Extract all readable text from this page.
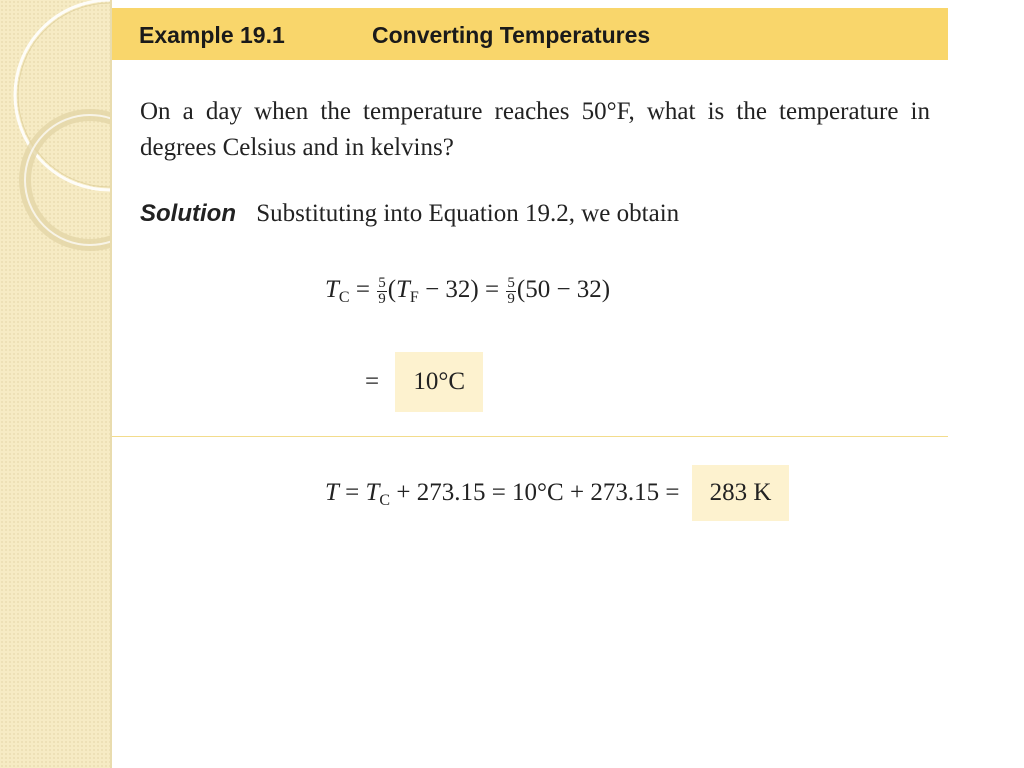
Example 19.1	Converting Temperatures
On a day when the temperature reaches 50°F, what is the temperature in degrees Celsius and in kelvins?
Solution Substituting into Equation 19.2, we obtain
$T_C = \frac{5}{9} (T_F - 32) = \frac{5}{9} (50 - 32)$
= 10°C
$T = T_C + 273.15 = 10^\circ C + 273.15 = 283$ K
